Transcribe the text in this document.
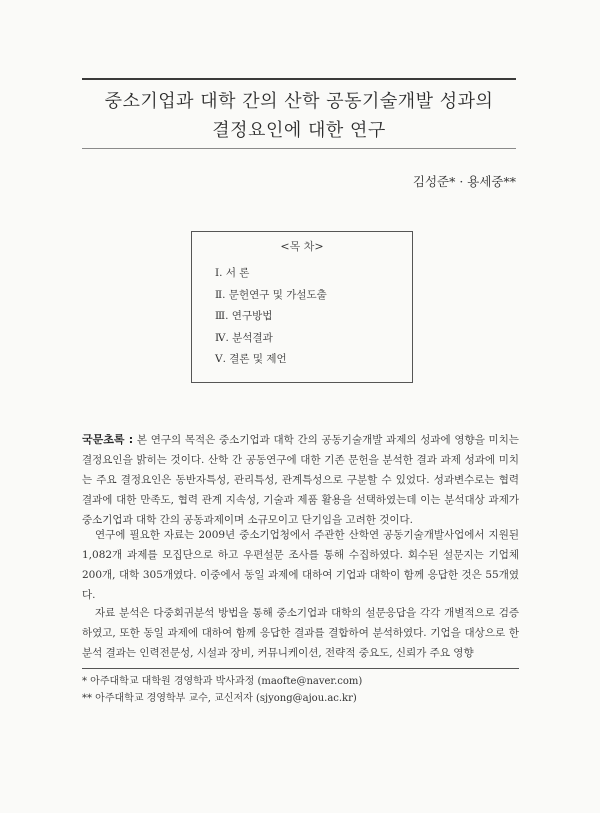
중소기업과 대학 간의 산학 공동기술개발 성과의
결정요인에 대한 연구
김성준* · 용세중**
<목 차>
Ⅰ. 서 론
Ⅱ. 문헌연구 및 가설도출
Ⅲ. 연구방법
Ⅳ. 분석결과
Ⅴ. 결론 및 제언
국문초록 : 본 연구의 목적은 중소기업과 대학 간의 공동기술개발 과제의 성과에 영향을 미치는 결정요인을 밝히는 것이다. 산학 간 공동연구에 대한 기존 문헌을 분석한 결과 과제 성과에 미치는 주요 결정요인은 동반자특성, 관리특성, 관계특성으로 구분할 수 있었다. 성과변수로는 협력 결과에 대한 만족도, 협력 관계 지속성, 기술과 제품 활용을 선택하였는데 이는 분석대상 과제가 중소기업과 대학 간의 공동과제이며 소규모이고 단기임을 고려한 것이다.
연구에 필요한 자료는 2009년 중소기업청에서 주관한 산학연 공동기술개발사업에서 지원된 1,082개 과제를 모집단으로 하고 우편설문 조사를 통해 수집하였다. 회수된 설문지는 기업체 200개, 대학 305개였다. 이중에서 동일 과제에 대하여 기업과 대학이 함께 응답한 것은 55개였다.
자료 분석은 다중회귀분석 방법을 통해 중소기업과 대학의 설문응답을 각각 개별적으로 검증하였고, 또한 동일 과제에 대하여 함께 응답한 결과를 결합하여 분석하였다. 기업을 대상으로 한 분석 결과는 인력전문성, 시설과 장비, 커뮤니케이션, 전략적 중요도, 신뢰가 주요 영향
* 아주대학교 대학원 경영학과 박사과정 (maofte@naver.com)
** 아주대학교 경영학부 교수, 교신저자 (sjyong@ajou.ac.kr)
